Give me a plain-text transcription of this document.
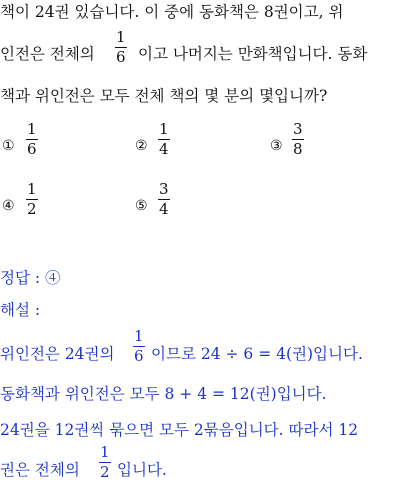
책이 24권 있습니다. 이 중에 동화책은 8권이고, 위
인전은 전체의
1
6 이고 나머지는 만화책입니다. 동화
책과 위인전은 모두 전체 책의 몇 분의 몇입니까?
①
1
6	②
1
4	③
3
8
④
1
2	⑤
3
4
정답 : ④
해설 :
위인전은 24권의
1
6 이므로 24 ÷ 6 = 4(권)입니다.
동화책과 위인전은 모두 8 + 4 = 12(권)입니다.
24권을 12권씩 묶으면 모두 2묶음입니다. 따라서 12
권은 전체의
1
2 입니다.
